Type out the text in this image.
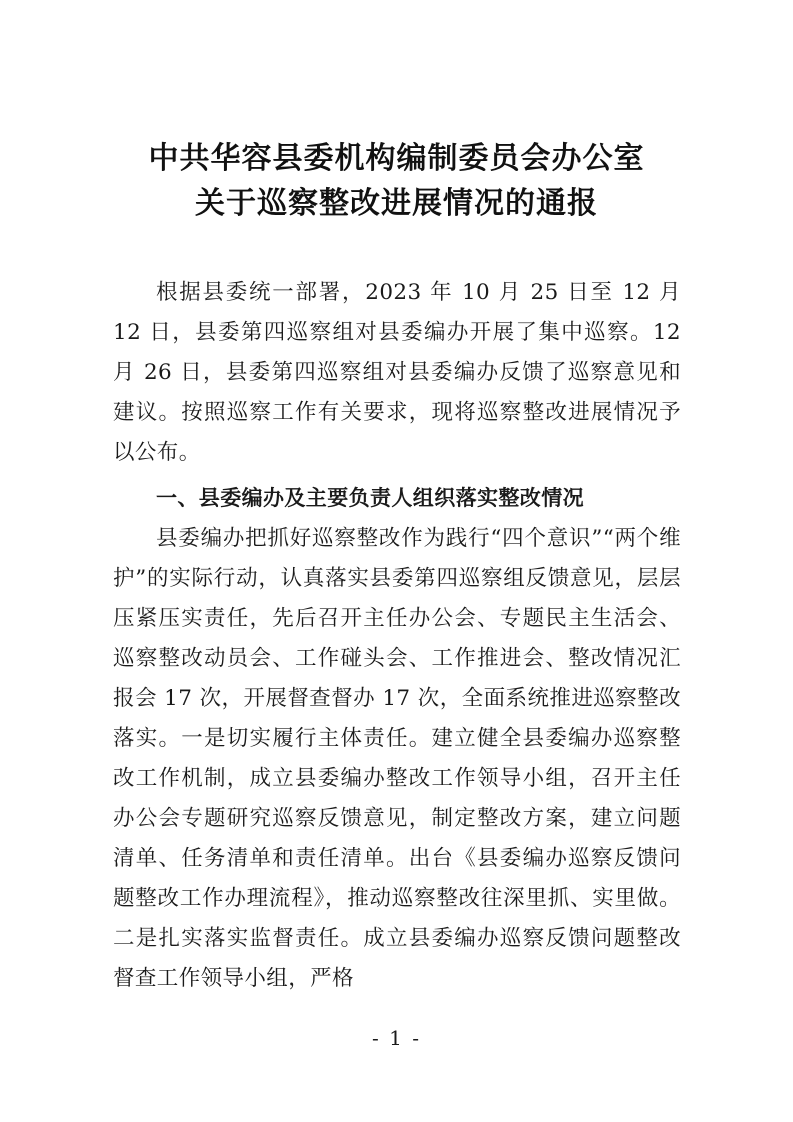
中共华容县委机构编制委员会办公室
关于巡察整改进展情况的通报

根据县委统一部署，2023 年 10 月 25 日至 12 月 12 日，县委第四巡察组对县委编办开展了集中巡察。12 月 26 日，县委第四巡察组对县委编办反馈了巡察意见和建议。按照巡察工作有关要求，现将巡察整改进展情况予以公布。

一、县委编办及主要负责人组织落实整改情况

县委编办把抓好巡察整改作为践行“四个意识”“两个维护”的实际行动，认真落实县委第四巡察组反馈意见，层层压紧压实责任，先后召开主任办公会、专题民主生活会、巡察整改动员会、工作碰头会、工作推进会、整改情况汇报会 17 次，开展督查督办 17 次，全面系统推进巡察整改落实。一是切实履行主体责任。建立健全县委编办巡察整改工作机制，成立县委编办整改工作领导小组，召开主任办公会专题研究巡察反馈意见，制定整改方案，建立问题清单、任务清单和责任清单。出台《县委编办巡察反馈问题整改工作办理流程》，推动巡察整改往深里抓、实里做。二是扎实落实监督责任。成立县委编办巡察反馈问题整改督查工作领导小组，严格

- 1 -
